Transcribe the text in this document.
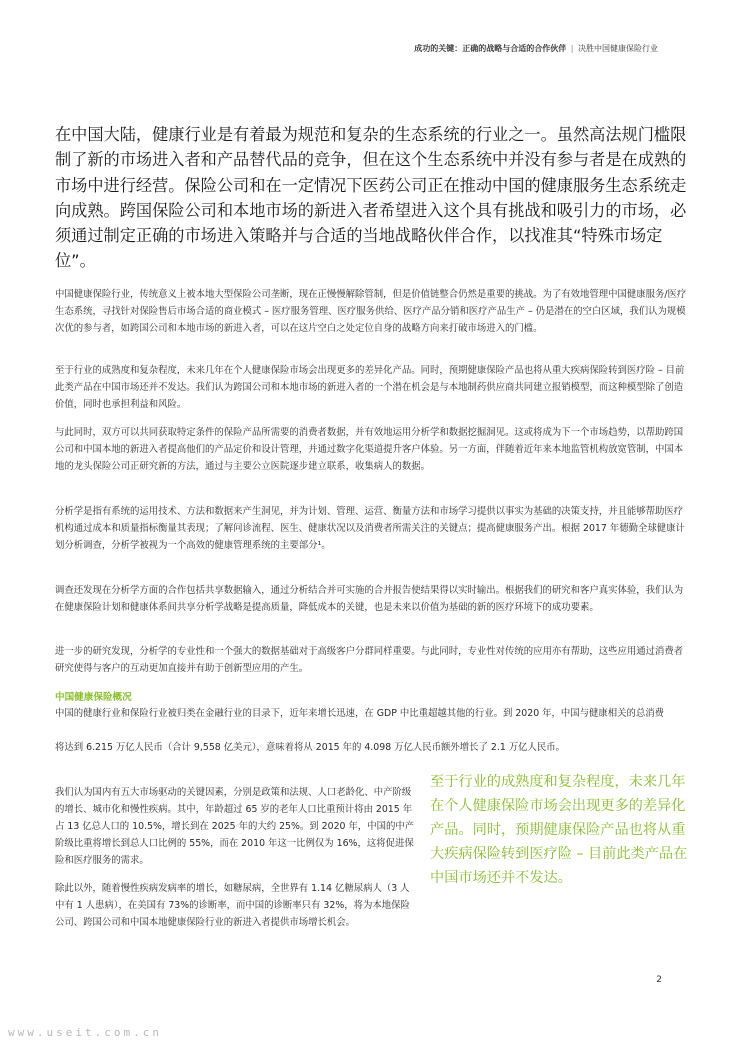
成功的关键：正确的战略与合适的合作伙伴 | 决胜中国健康保险行业

在中国大陆，健康行业是有着最为规范和复杂的生态系统的行业之一。虽然高法规门槛限制了新的市场进入者和产品替代品的竞争，但在这个生态系统中并没有参与者是在成熟的市场中进行经营。保险公司和在一定情况下医药公司正在推动中国的健康服务生态系统走向成熟。跨国保险公司和本地市场的新进入者希望进入这个具有挑战和吸引力的市场，必须通过制定正确的市场进入策略并与合适的当地战略伙伴合作，以找准其“特殊市场定位”。

中国健康保险行业，传统意义上被本地大型保险公司垄断，现在正慢慢解除管制，但是价值链整合仍然是重要的挑战。为了有效地管理中国健康服务/医疗生态系统，寻找针对保险售后市场合适的商业模式 – 医疗服务管理、医疗服务供给、医疗产品分销和医疗产品生产 – 仍是潜在的空白区域，我们认为规模次优的参与者，如跨国公司和本地市场的新进入者，可以在这片空白之处定位自身的战略方向来打破市场进入的门槛。

至于行业的成熟度和复杂程度，未来几年在个人健康保险市场会出现更多的差异化产品。同时，预期健康保险产品也将从重大疾病保险转到医疗险 – 目前此类产品在中国市场还并不发达。我们认为跨国公司和本地市场的新进入者的一个潜在机会是与本地制药供应商共同建立报销模型，而这种模型除了创造价值，同时也承担利益和风险。

与此同时，双方可以共同获取特定条件的保险产品所需要的消费者数据，并有效地运用分析学和数据挖掘洞见。这或将成为下一个市场趋势，以帮助跨国公司和中国本地的新进入者提高他们的产品定价和设计管理，并通过数字化渠道提升客户体验。另一方面，伴随着近年来本地监管机构放宽管制，中国本地的龙头保险公司正研究新的方法，通过与主要公立医院逐步建立联系，收集病人的数据。

分析学是指有系统的运用技术、方法和数据来产生洞见，并为计划、管理、运营、衡量方法和市场学习提供以事实为基础的决策支持，并且能够帮助医疗机构通过成本和质量指标衡量其表现；了解问诊流程、医生、健康状况以及消费者所需关注的关键点；提高健康服务产出。根据 2017 年德勤全球健康计划分析调查，分析学被视为一个高效的健康管理系统的主要部分¹。

调查还发现在分析学方面的合作包括共享数据输入，通过分析结合并可实施的合并报告使结果得以实时输出。根据我们的研究和客户真实体验，我们认为在健康保险计划和健康体系间共享分析学战略是提高质量，降低成本的关键，也是未来以价值为基础的新的医疗环境下的成功要素。

进一步的研究发现，分析学的专业性和一个强大的数据基础对于高级客户分群同样重要。与此同时，专业性对传统的应用亦有帮助，这些应用通过消费者研究使得与客户的互动更加直接并有助于创新型应用的产生。

中国健康保险概况

中国的健康行业和保险行业被归类在金融行业的目录下，近年来增长迅速，在 GDP 中比重超越其他的行业。到 2020 年，中国与健康相关的总消费

将达到 6.215 万亿人民币（合计 9,558 亿美元），意味着将从 2015 年的 4.098 万亿人民币额外增长了 2.1 万亿人民币。

我们认为国内有五大市场驱动的关键因素，分别是政策和法规、人口老龄化、中产阶级的增长、城市化和慢性疾病。其中，年龄超过 65 岁的老年人口比重预计将由 2015 年占 13 亿总人口的 10.5%，增长到在 2025 年的大约 25%。到 2020 年，中国的中产阶级比重将增长到总人口比例的 55%，而在 2010 年这一比例仅为 16%，这将促进保险和医疗服务的需求。

除此以外，随着慢性疾病发病率的增长，如糖尿病，全世界有 1.14 亿糖尿病人（3 人中有 1 人患病），在美国有 73%的诊断率，而中国的诊断率只有 32%，将为本地保险公司、跨国公司和中国本地健康保险行业的新进入者提供市场增长机会。

至于行业的成熟度和复杂程度，未来几年在个人健康保险市场会出现更多的差异化产品。同时，预期健康保险产品也将从重大疾病保险转到医疗险 – 目前此类产品在中国市场还并不发达。

2
www.useit.com.cn
